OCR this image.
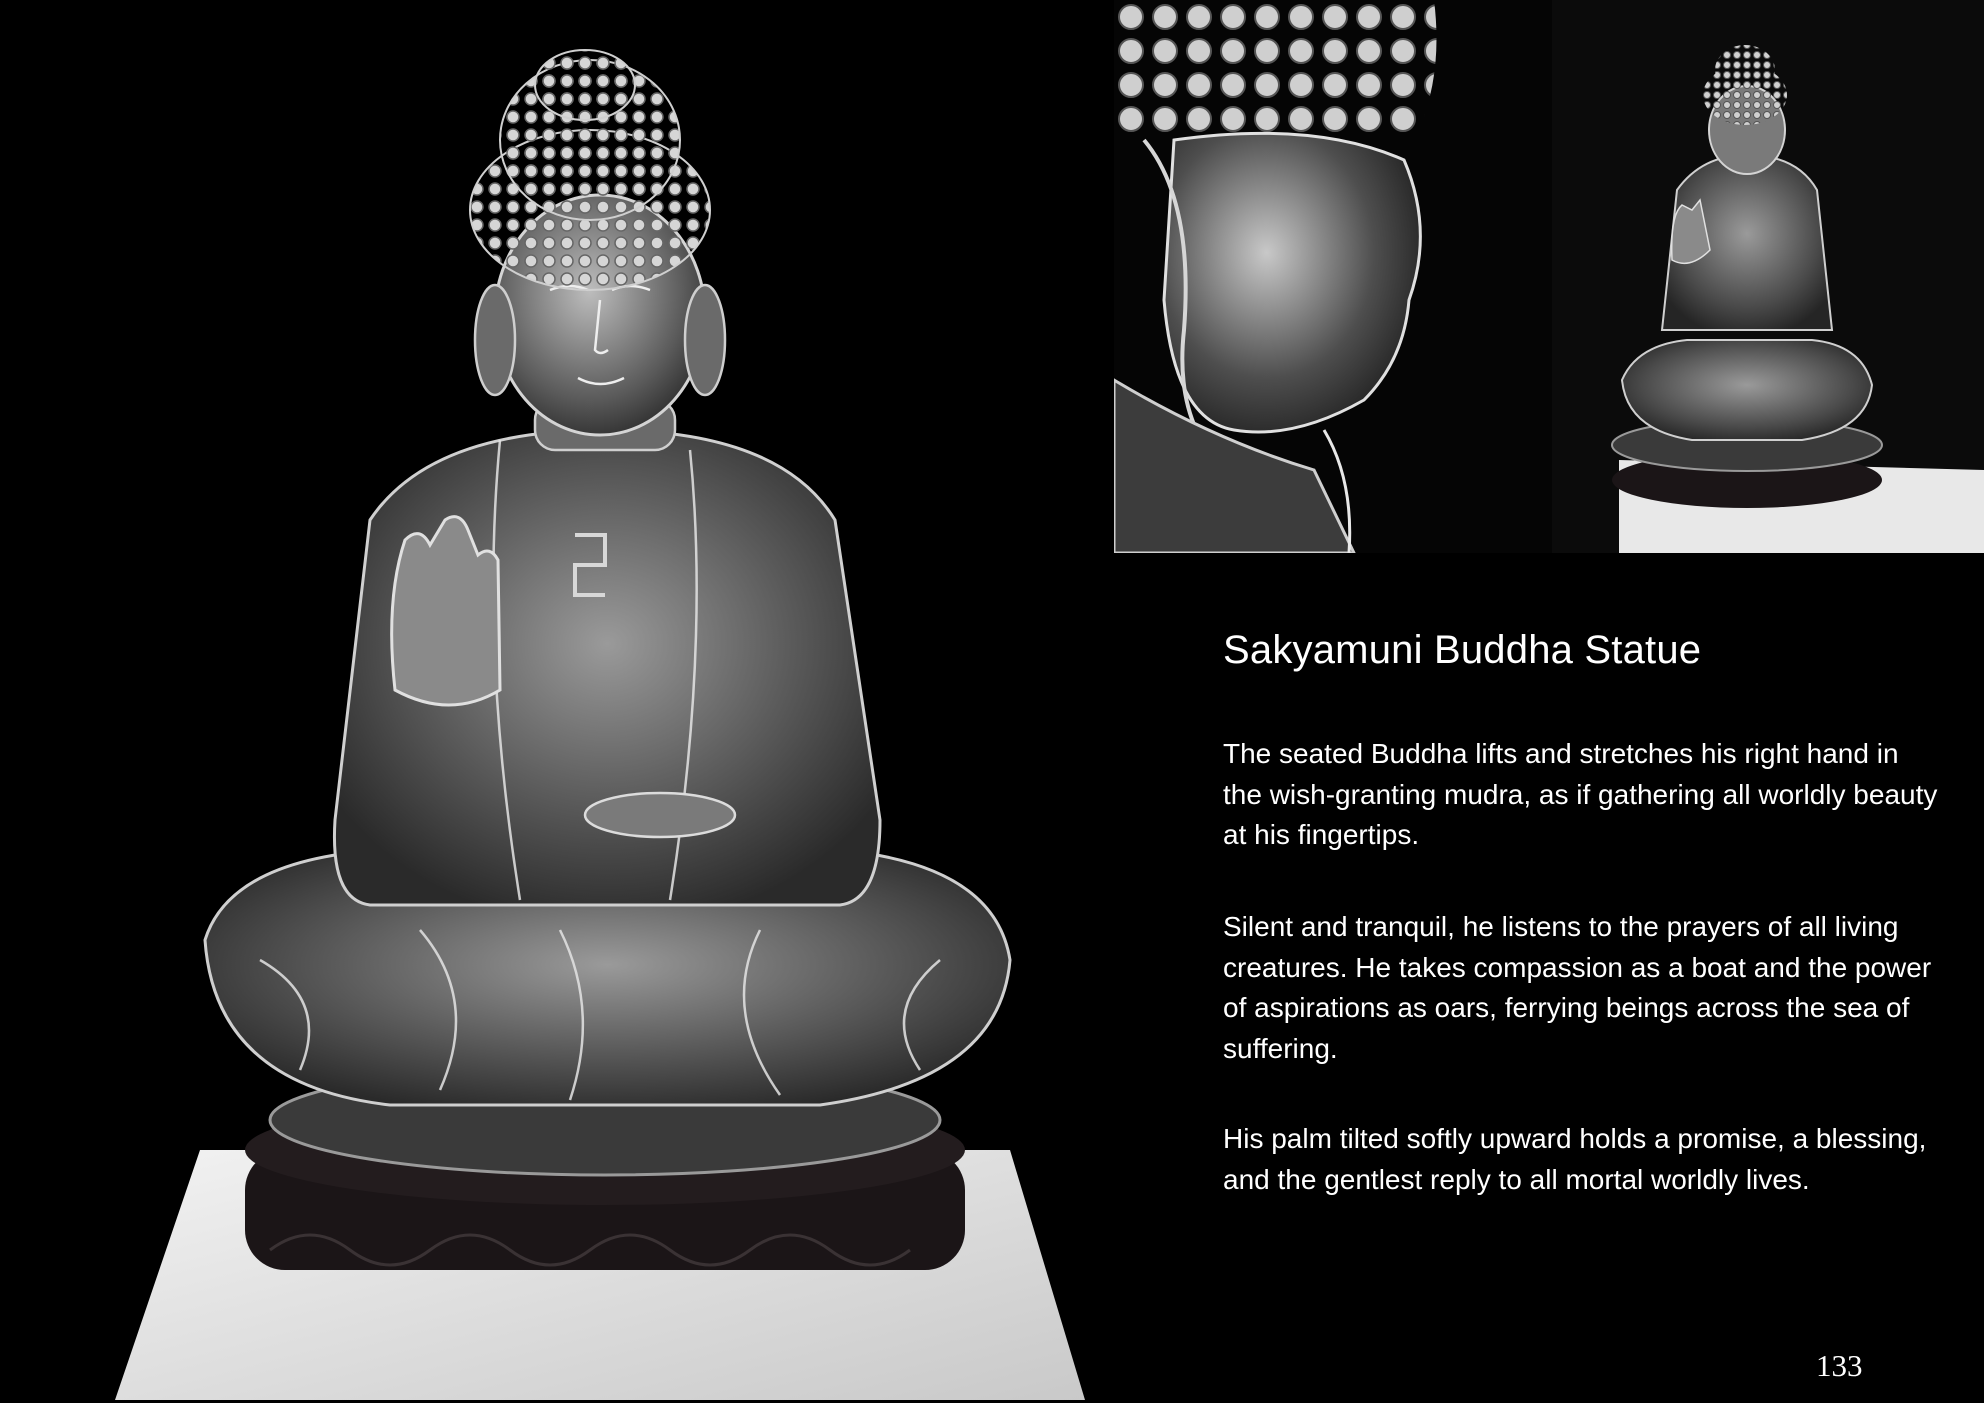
Sakyamuni Buddha Statue

The seated Buddha lifts and stretches his right hand in the wish-granting mudra, as if gathering all worldly beauty at his fingertips.

Silent and tranquil, he listens to the prayers of all living creatures. He takes compassion as a boat and the power of aspirations as oars, ferrying beings across the sea of suffering.

His palm tilted softly upward holds a promise, a blessing, and the gentlest reply to all mortal worldly lives.

133
